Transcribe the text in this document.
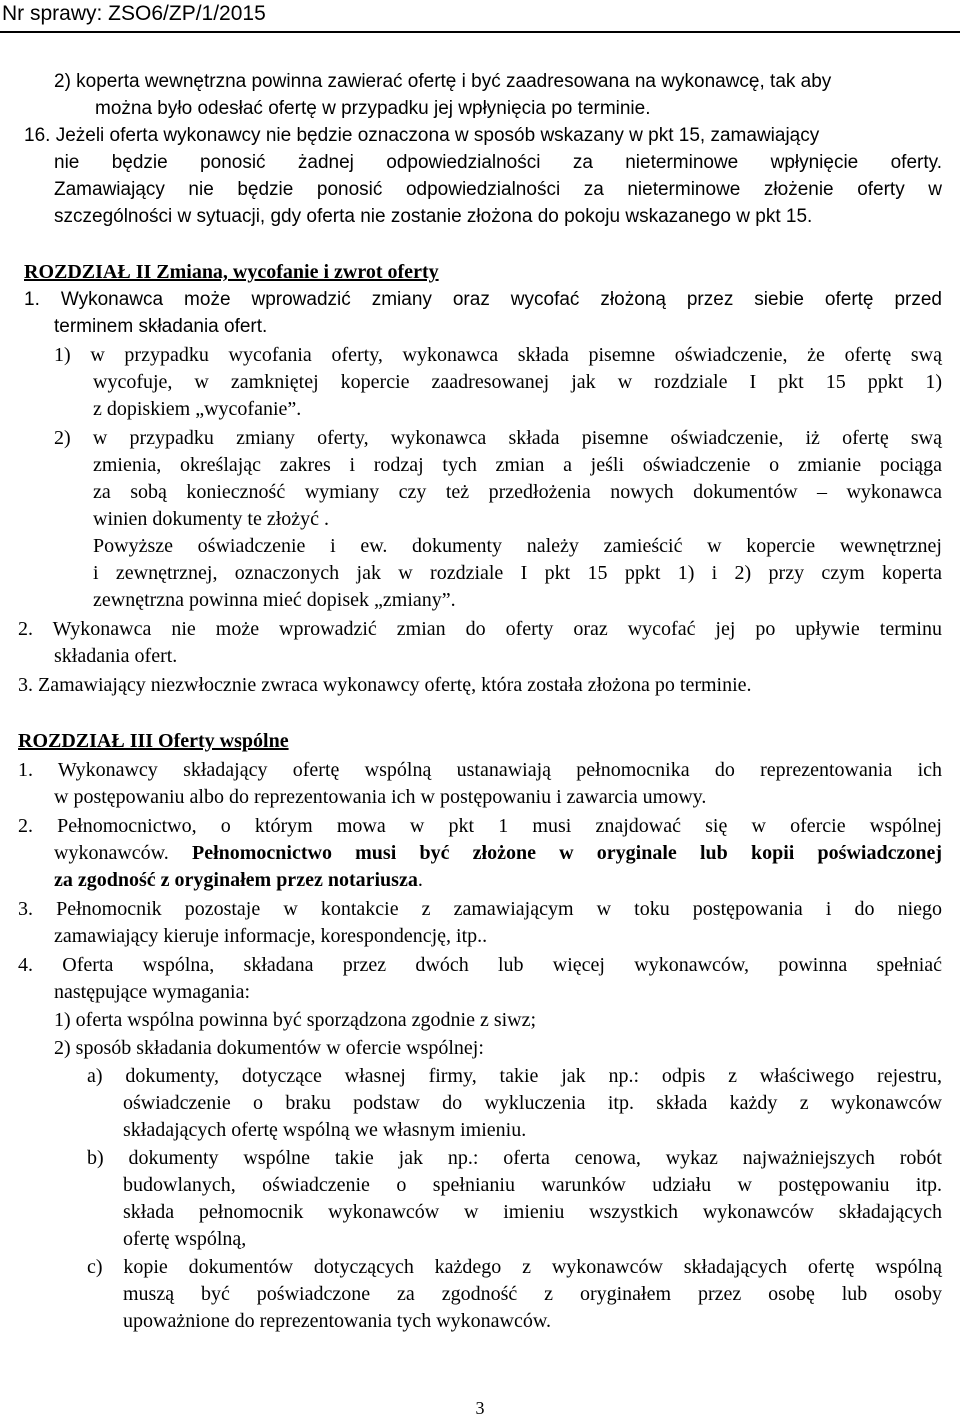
Nr sprawy: ZSO6/ZP/1/2015
2) koperta wewnętrzna powinna zawierać ofertę i być zaadresowana na wykonawcę, tak aby
można było odesłać ofertę w przypadku jej wpłynięcia po terminie.
16. Jeżeli oferta wykonawcy nie będzie oznaczona w sposób wskazany w pkt 15, zamawiający
nie będzie ponosić żadnej odpowiedzialności za nieterminowe wpłynięcie oferty.
Zamawiający nie będzie ponosić odpowiedzialności za nieterminowe złożenie oferty w
szczególności w sytuacji, gdy oferta nie zostanie złożona do pokoju wskazanego w pkt 15.
ROZDZIAŁ II Zmiana, wycofanie i zwrot oferty
1. Wykonawca może wprowadzić zmiany oraz wycofać złożoną przez siebie ofertę przed
terminem składania ofert.
1) w przypadku wycofania oferty, wykonawca składa pisemne oświadczenie, że ofertę swą
wycofuje, w zamkniętej kopercie zaadresowanej jak w rozdziale I pkt 15 ppkt 1)
z dopiskiem „wycofanie”.
2) w przypadku zmiany oferty, wykonawca składa pisemne oświadczenie, iż ofertę swą
zmienia, określając zakres i rodzaj tych zmian a jeśli oświadczenie o zmianie pociąga
za sobą konieczność wymiany czy też przedłożenia nowych dokumentów – wykonawca
winien dokumenty te złożyć .
Powyższe oświadczenie i ew. dokumenty należy zamieścić w kopercie wewnętrznej
i zewnętrznej, oznaczonych jak w rozdziale I pkt 15 ppkt 1) i 2) przy czym koperta
zewnętrzna powinna mieć dopisek „zmiany”.
2. Wykonawca nie może wprowadzić zmian do oferty oraz wycofać jej po upływie terminu
składania ofert.
3. Zamawiający niezwłocznie zwraca wykonawcy ofertę, która została złożona po terminie.
ROZDZIAŁ III Oferty wspólne
1. Wykonawcy składający ofertę wspólną ustanawiają pełnomocnika do reprezentowania ich
w postępowaniu albo do reprezentowania ich w postępowaniu i zawarcia umowy.
2. Pełnomocnictwo, o którym mowa w pkt 1 musi znajdować się w ofercie wspólnej
wykonawców. Pełnomocnictwo musi być złożone w oryginale lub kopii poświadczonej
za zgodność z oryginałem przez notariusza.
3. Pełnomocnik pozostaje w kontakcie z zamawiającym w toku postępowania i do niego
zamawiający kieruje informacje, korespondencję, itp..
4. Oferta wspólna, składana przez dwóch lub więcej wykonawców, powinna spełniać
następujące wymagania:
1) oferta wspólna powinna być sporządzona zgodnie z siwz;
2) sposób składania dokumentów w ofercie wspólnej:
a) dokumenty, dotyczące własnej firmy, takie jak np.: odpis z właściwego rejestru,
oświadczenie o braku podstaw do wykluczenia itp. składa każdy z wykonawców
składających ofertę wspólną we własnym imieniu.
b) dokumenty wspólne takie jak np.: oferta cenowa, wykaz najważniejszych robót
budowlanych, oświadczenie o spełnianiu warunków udziału w postępowaniu itp.
składa pełnomocnik wykonawców w imieniu wszystkich wykonawców składających
ofertę wspólną,
c) kopie dokumentów dotyczących każdego z wykonawców składających ofertę wspólną
muszą być poświadczone za zgodność z oryginałem przez osobę lub osoby
upoważnione do reprezentowania tych wykonawców.
3
